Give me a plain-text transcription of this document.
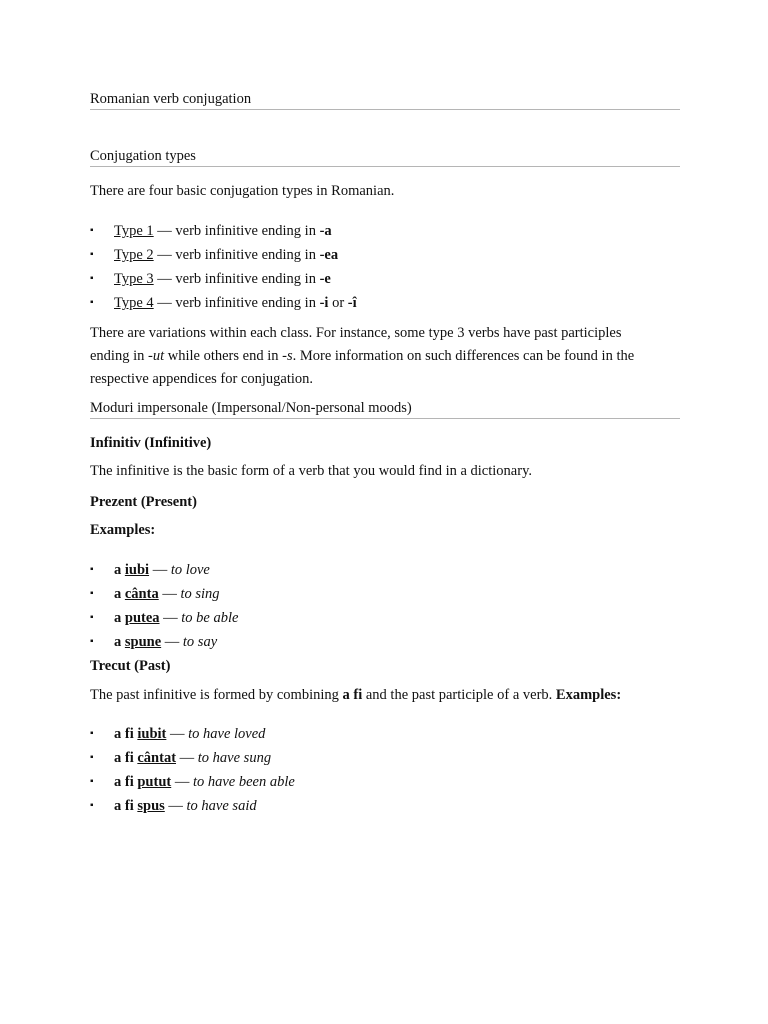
Romanian verb conjugation
Conjugation types

There are four basic conjugation types in Romanian.

▪ Type 1 — verb infinitive ending in -a
▪ Type 2 — verb infinitive ending in -ea
▪ Type 3 — verb infinitive ending in -e
▪ Type 4 — verb infinitive ending in -i or -î

There are variations within each class. For instance, some type 3 verbs have past participles ending in -ut while others end in -s. More information on such differences can be found in the respective appendices for conjugation.

Moduri impersonale (Impersonal/Non-personal moods)

Infinitiv (Infinitive)

The infinitive is the basic form of a verb that you would find in a dictionary.

Prezent (Present)

Examples:

▪ a iubi — to love
▪ a cânta — to sing
▪ a putea — to be able
▪ a spune — to say

Trecut (Past)

The past infinitive is formed by combining a fi and the past participle of a verb. Examples:

▪ a fi iubit — to have loved
▪ a fi cântat — to have sung
▪ a fi putut — to have been able
▪ a fi spus — to have said
